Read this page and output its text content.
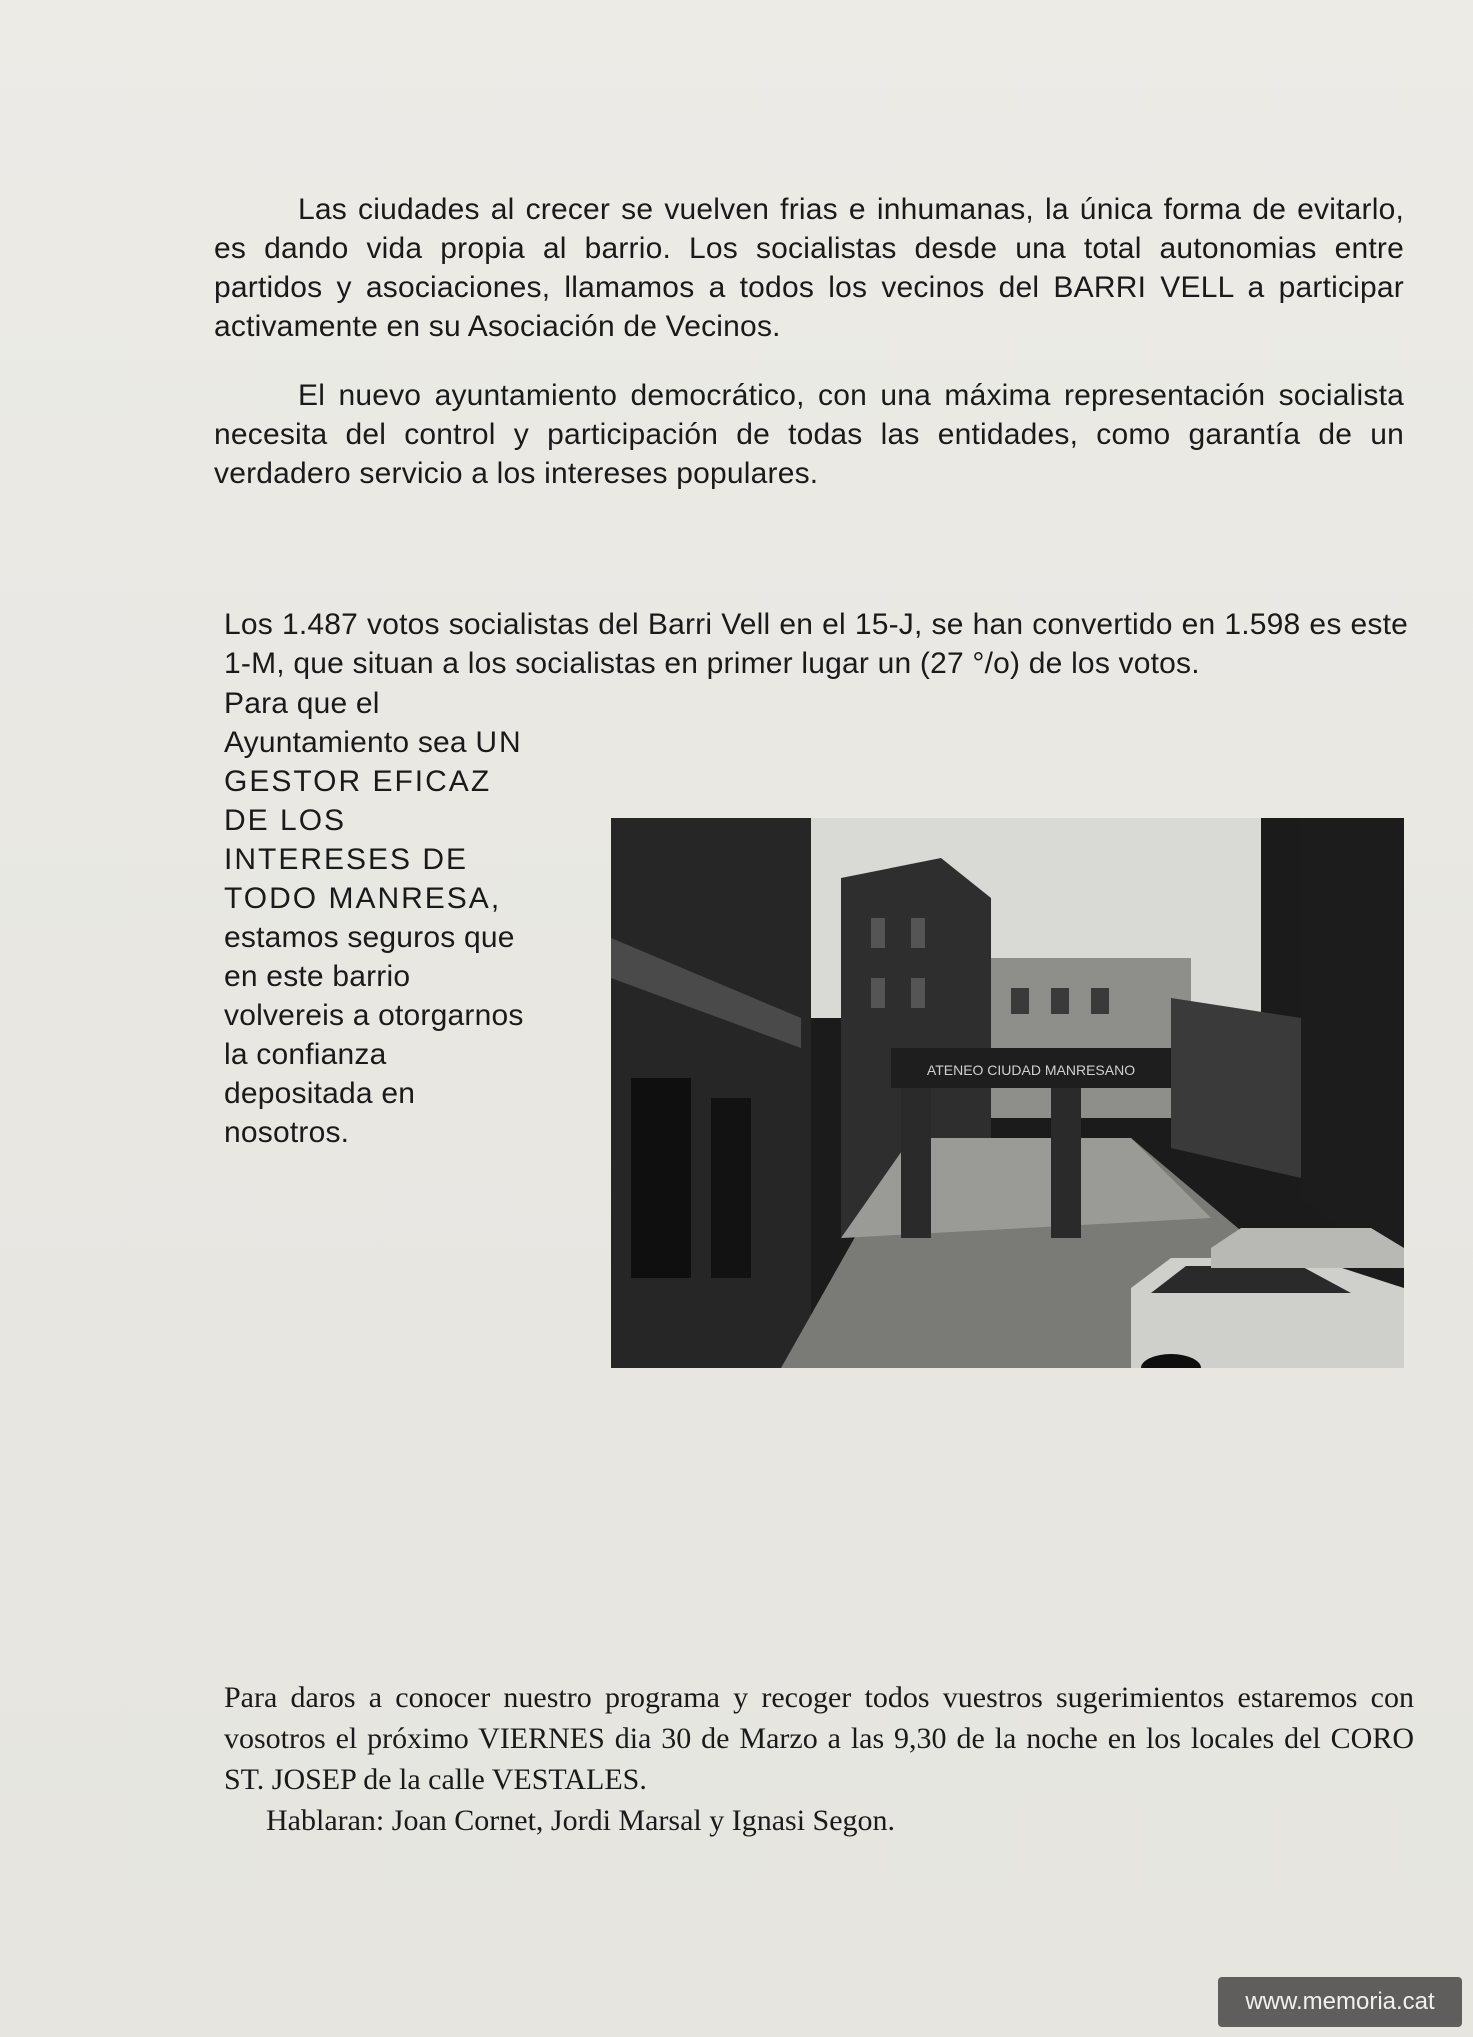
Las ciudades al crecer se vuelven frias e inhumanas, la única forma de evitarlo, es dando vida propia al barrio. Los socialistas desde una total autonomias entre partidos y asociaciones, llamamos a todos los vecinos del BARRI VELL a participar activamente en su Asociación de Vecinos.
El nuevo ayuntamiento democrático, con una máxima representación socialista necesita del control y participación de todas las entidades, como garantía de un verdadero servicio a los intereses populares.
Los 1.487 votos socialistas del Barri Vell en el 15-J, se han convertido en 1.598 es este 1-M, que situan a los socialistas en primer lugar un (27 °/o) de los votos.
Para que el Ayuntamiento sea UN GESTOR EFICAZ DE LOS INTERESES DE TODO MANRESA, estamos seguros que en este barrio volvereis a otorgarnos la confianza depositada en nosotros.
ATENEO CIUDAD MANRESANO
Para daros a conocer nuestro programa y recoger todos vuestros sugerimientos estaremos con vosotros el próximo VIERNES dia 30 de Marzo a las 9,30 de la noche en los locales del CORO ST. JOSEP de la calle VESTALES.
Hablaran: Joan Cornet, Jordi Marsal y Ignasi Segon.
www.memoria.cat
